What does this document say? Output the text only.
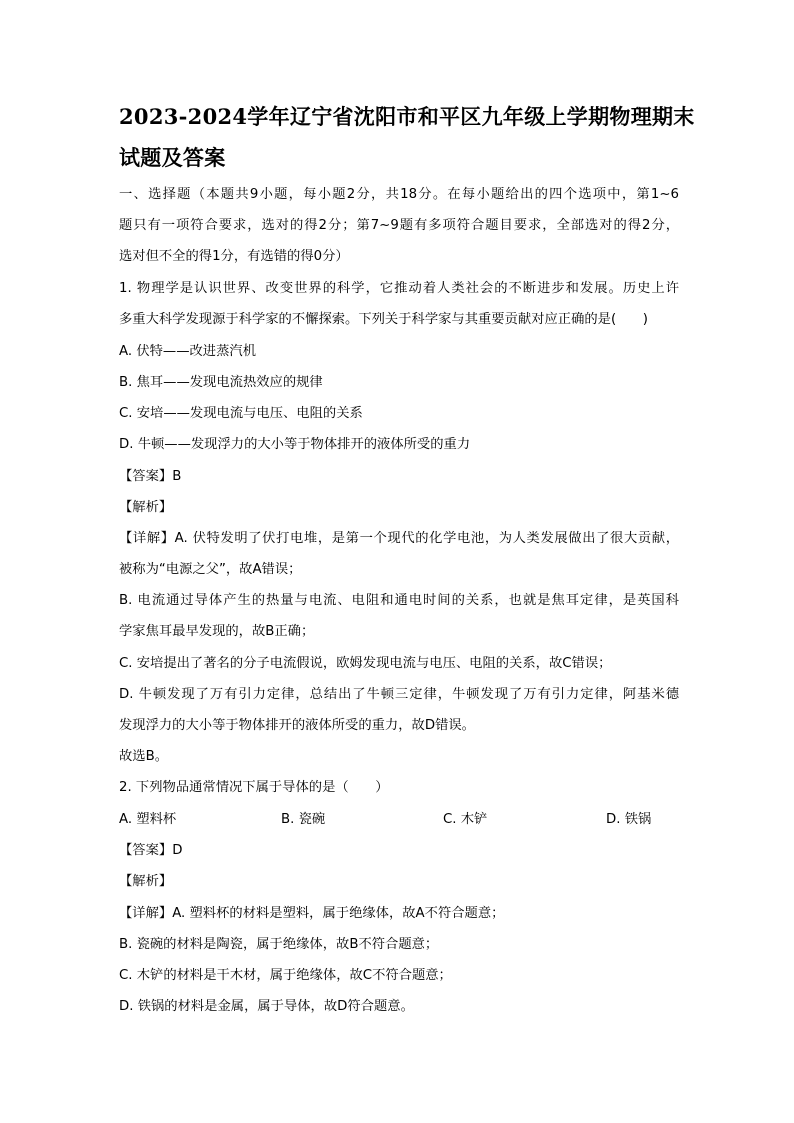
2023-2024学年辽宁省沈阳市和平区九年级上学期物理期末
试题及答案
一、选择题（本题共9小题，每小题2分，共18分。在每小题给出的四个选项中，第1~6
题只有一项符合要求，选对的得2分；第7~9题有多项符合题目要求，全部选对的得2分，
选对但不全的得1分，有选错的得0分）
1. 物理学是认识世界、改变世界的科学，它推动着人类社会的不断进步和发展。历史上许
多重大科学发现源于科学家的不懈探索。下列关于科学家与其重要贡献对应正确的是(　　)
A. 伏特——改进蒸汽机
B. 焦耳——发现电流热效应的规律
C. 安培——发现电流与电压、电阻的关系
D. 牛顿——发现浮力的大小等于物体排开的液体所受的重力
【答案】B
【解析】
【详解】A. 伏特发明了伏打电堆，是第一个现代的化学电池，为人类发展做出了很大贡献，
被称为“电源之父”，故A错误；
B. 电流通过导体产生的热量与电流、电阻和通电时间的关系，也就是焦耳定律，是英国科
学家焦耳最早发现的，故B正确；
C. 安培提出了著名的分子电流假说，欧姆发现电流与电压、电阻的关系，故C错误；
D. 牛顿发现了万有引力定律，总结出了牛顿三定律，牛顿发现了万有引力定律，阿基米德
发现浮力的大小等于物体排开的液体所受的重力，故D错误。
故选B。
2. 下列物品通常情况下属于导体的是（　　）
A. 塑料杯	B. 瓷碗	C. 木铲	D. 铁锅
【答案】D
【解析】
【详解】A. 塑料杯的材料是塑料，属于绝缘体，故A不符合题意；
B. 瓷碗的材料是陶瓷，属于绝缘体，故B不符合题意；
C. 木铲的材料是干木材，属于绝缘体，故C不符合题意；
D. 铁锅的材料是金属，属于导体，故D符合题意。
